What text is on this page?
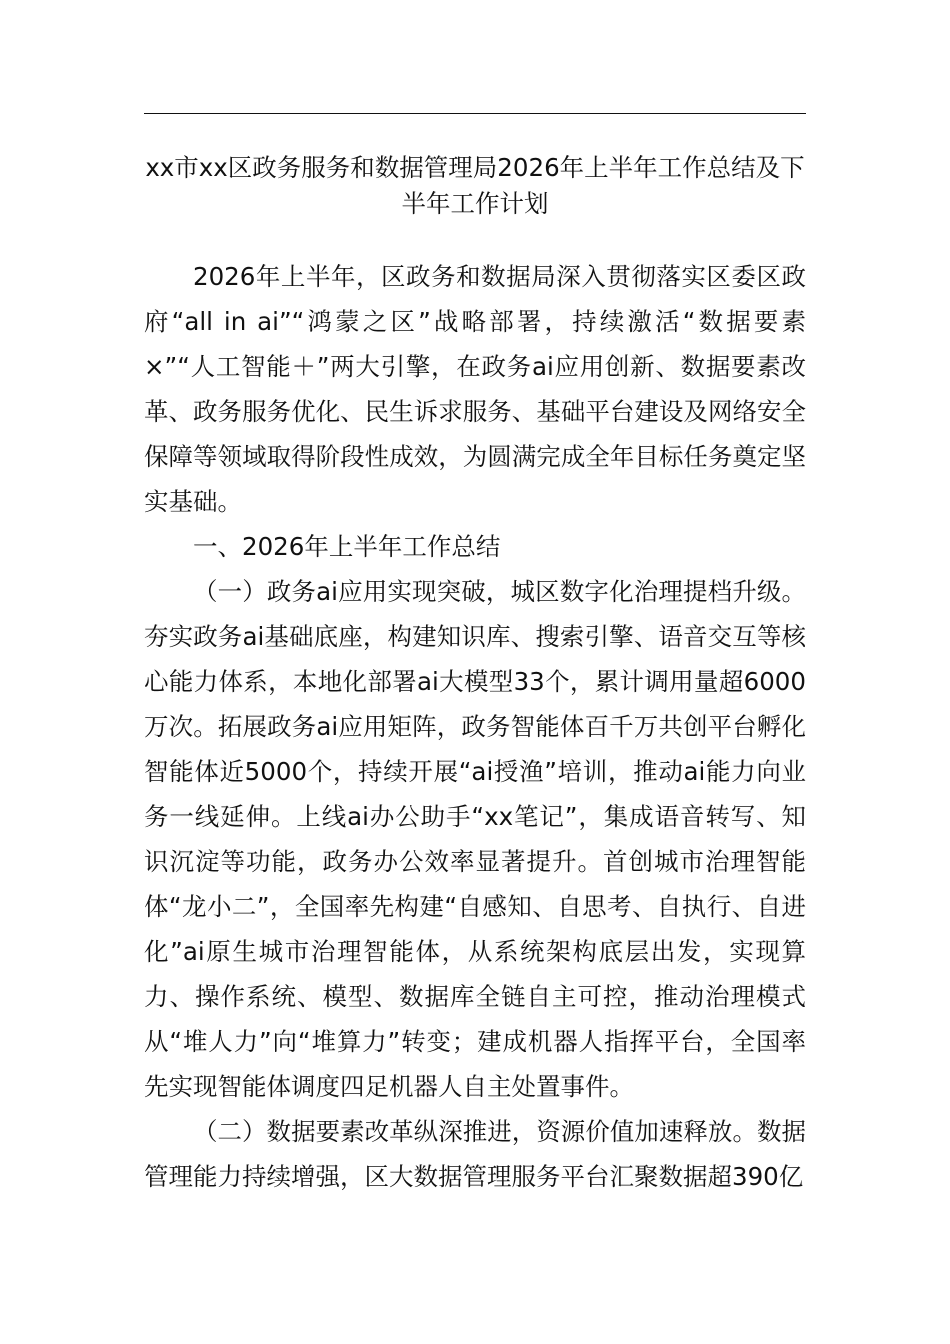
xx市xx区政务服务和数据管理局2026年上半年工作总结及下半年工作计划

2026年上半年，区政务和数据局深入贯彻落实区委区政府“all in ai”“鸿蒙之区”战略部署，持续激活“数据要素×”“人工智能＋”两大引擎，在政务ai应用创新、数据要素改革、政务服务优化、民生诉求服务、基础平台建设及网络安全保障等领域取得阶段性成效，为圆满完成全年目标任务奠定坚实基础。

一、2026年上半年工作总结

（一）政务ai应用实现突破，城区数字化治理提档升级。夯实政务ai基础底座，构建知识库、搜索引擎、语音交互等核心能力体系，本地化部署ai大模型33个，累计调用量超6000万次。拓展政务ai应用矩阵，政务智能体百千万共创平台孵化智能体近5000个，持续开展“ai授渔”培训，推动ai能力向业务一线延伸。上线ai办公助手“xx笔记”，集成语音转写、知识沉淀等功能，政务办公效率显著提升。首创城市治理智能体“龙小二”，全国率先构建“自感知、自思考、自执行、自进化”ai原生城市治理智能体，从系统架构底层出发，实现算力、操作系统、模型、数据库全链自主可控，推动治理模式从“堆人力”向“堆算力”转变；建成机器人指挥平台，全国率先实现智能体调度四足机器人自主处置事件。

（二）数据要素改革纵深推进，资源价值加速释放。数据管理能力持续增强，区大数据管理服务平台汇聚数据超390亿
